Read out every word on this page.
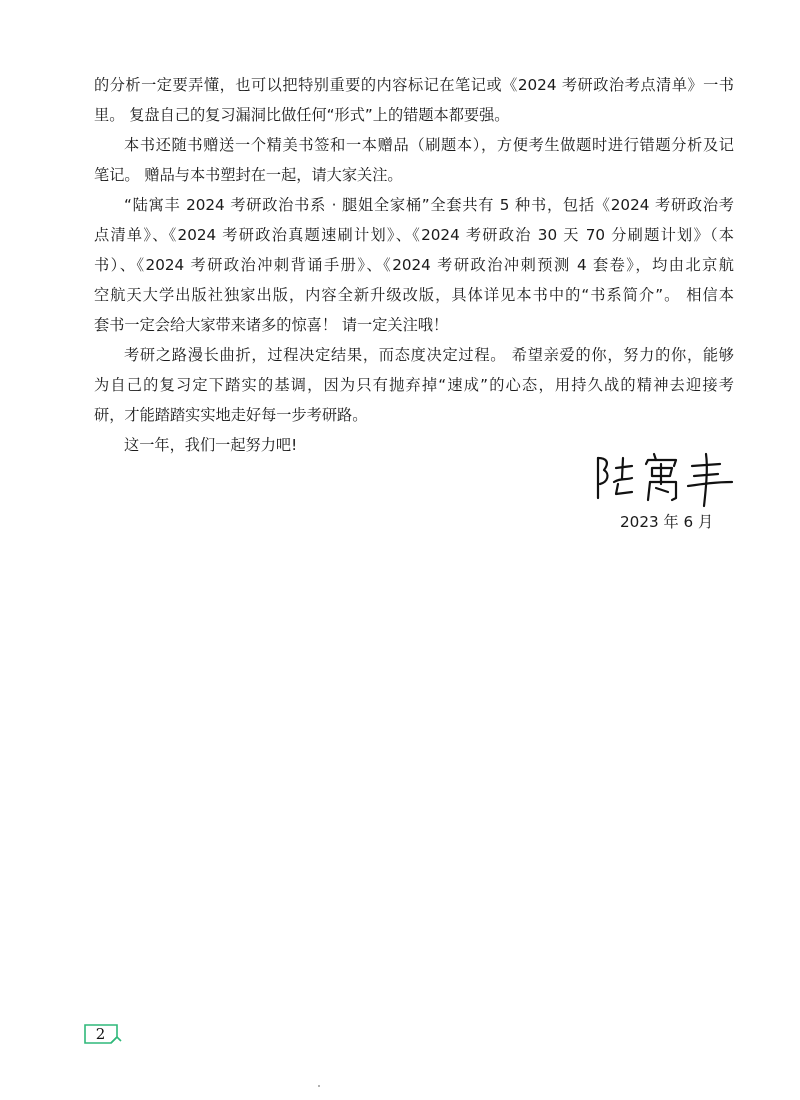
的分析一定要弄懂，也可以把特别重要的内容标记在笔记或《2024 考研政治考点清单》一书
里。 复盘自己的复习漏洞比做任何“形式”上的错题本都要强。
本书还随书赠送一个精美书签和一本赠品（刷题本），方便考生做题时进行错题分析及记
笔记。 赠品与本书塑封在一起，请大家关注。
“陆寓丰 2024 考研政治书系 · 腿姐全家桶”全套共有 5 种书，包括《2024 考研政治考
点清单》、《2024 考研政治真题速刷计划》、《2024 考研政治 30 天 70 分刷题计划》（本
书）、《2024 考研政治冲刺背诵手册》、《2024 考研政治冲刺预测 4 套卷》，均由北京航
空航天大学出版社独家出版，内容全新升级改版，具体详见本书中的“书系简介”。 相信本
套书一定会给大家带来诸多的惊喜！ 请一定关注哦！
考研之路漫长曲折，过程决定结果，而态度决定过程。 希望亲爱的你，努力的你，能够
为自己的复习定下踏实的基调，因为只有抛弃掉“速成”的心态，用持久战的精神去迎接考
研，才能踏踏实实地走好每一步考研路。
这一年，我们一起努力吧!
2023 年 6 月
2
